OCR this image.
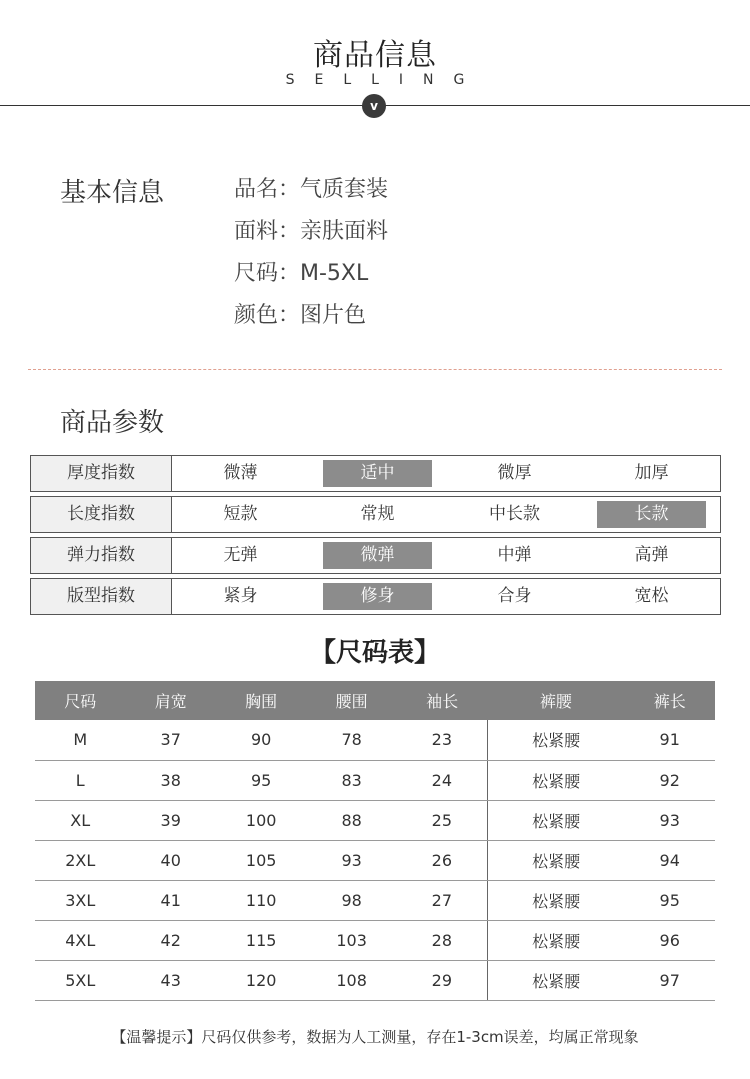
商品信息
SELLING
v
基本信息	品名：气质套装
面料：亲肤面料
尺码：M-5XL
颜色：图片色
商品参数
厚度指数	微薄	适中	微厚	加厚
长度指数	短款	常规	中长款	长款
弹力指数	无弹	微弹	中弹	高弹
版型指数	紧身	修身	合身	宽松
【尺码表】
尺码	肩宽	胸围	腰围	袖长	裤腰	裤长
M	37	90	78	23	松紧腰	91
L	38	95	83	24	松紧腰	92
XL	39	100	88	25	松紧腰	93
2XL	40	105	93	26	松紧腰	94
3XL	41	110	98	27	松紧腰	95
4XL	42	115	103	28	松紧腰	96
5XL	43	120	108	29	松紧腰	97
【温馨提示】尺码仅供参考，数据为人工测量，存在1-3cm误差，均属正常现象
